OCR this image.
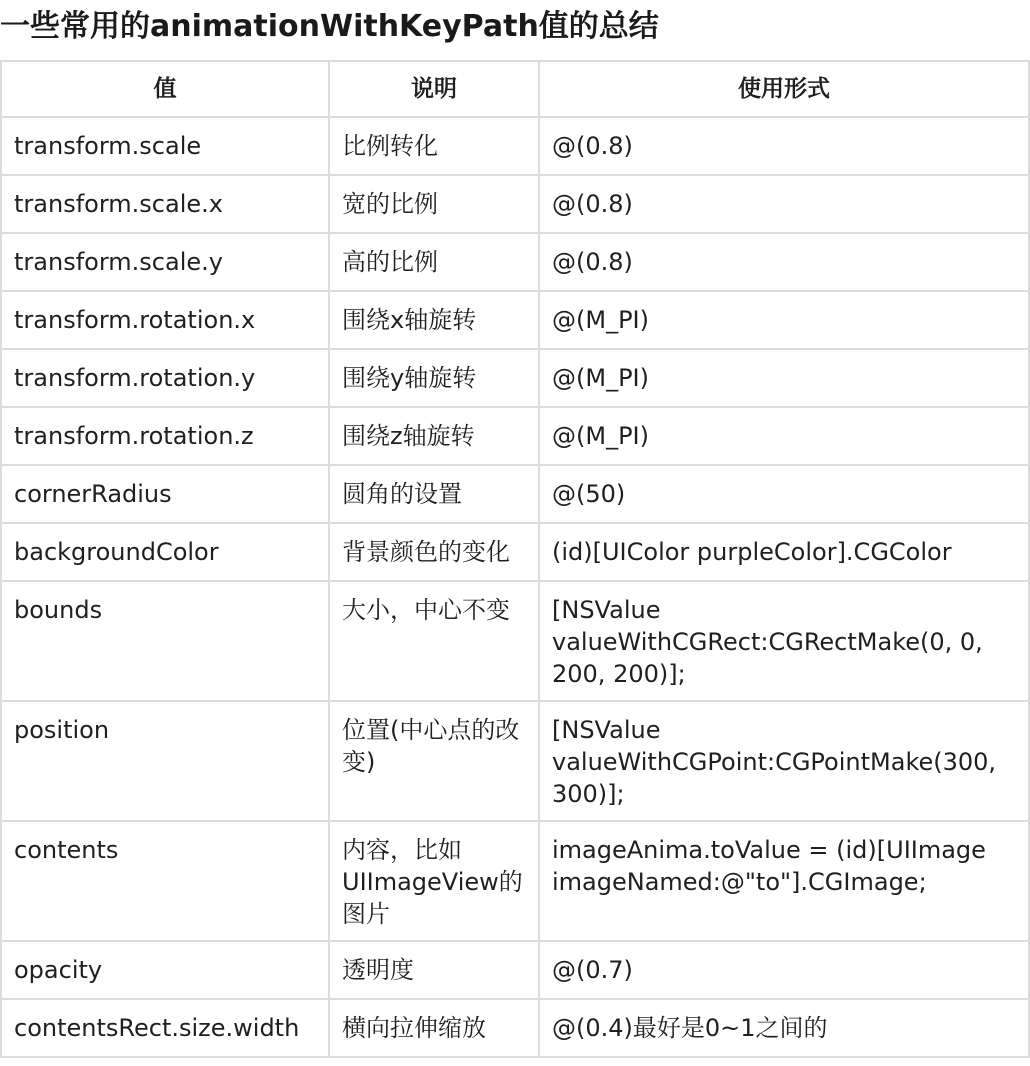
一些常用的animationWithKeyPath值的总结
值	说明	使用形式
transform.scale	比例转化	@(0.8)
transform.scale.x	宽的比例	@(0.8)
transform.scale.y	高的比例	@(0.8)
transform.rotation.x	围绕x轴旋转	@(M_PI)
transform.rotation.y	围绕y轴旋转	@(M_PI)
transform.rotation.z	围绕z轴旋转	@(M_PI)
cornerRadius	圆角的设置	@(50)
backgroundColor	背景颜色的变化	(id)[UIColor purpleColor].CGColor
bounds	大小，中心不变	[NSValue valueWithCGRect:CGRectMake(0, 0, 200, 200)];
position	位置(中心点的改变)	[NSValue valueWithCGPoint:CGPointMake(300, 300)];
contents	内容，比如UIImageView的图片	imageAnima.toValue = (id)[UIImage imageNamed:@"to"].CGImage;
opacity	透明度	@(0.7)
contentsRect.size.width	横向拉伸缩放	@(0.4)最好是0~1之间的
